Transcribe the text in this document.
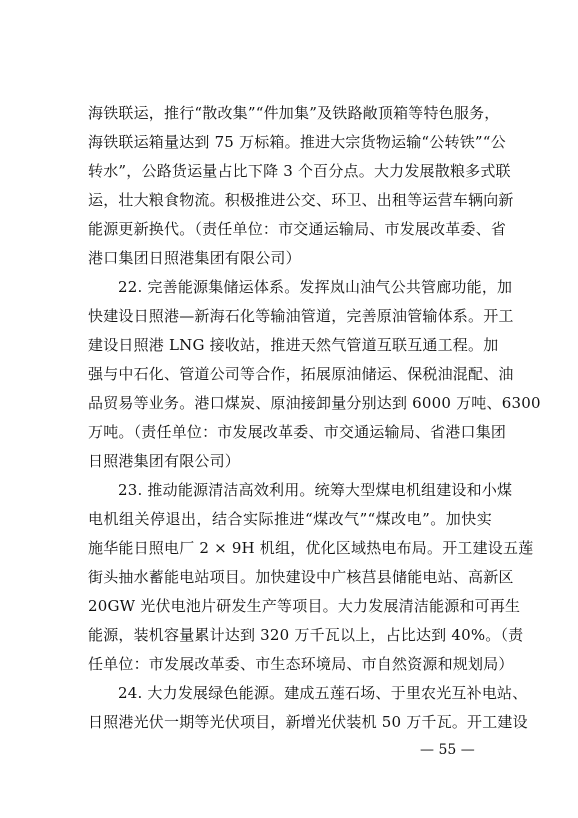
海铁联运，推行“散改集”“件加集”及铁路敞顶箱等特色服务，
海铁联运箱量达到 75 万标箱。推进大宗货物运输“公转铁”“公
转水”，公路货运量占比下降 3 个百分点。大力发展散粮多式联
运，壮大粮食物流。积极推进公交、环卫、出租等运营车辆向新
能源更新换代。（责任单位：市交通运输局、市发展改革委、省
港口集团日照港集团有限公司）
22. 完善能源集储运体系。发挥岚山油气公共管廊功能，加
快建设日照港—新海石化等输油管道，完善原油管输体系。开工
建设日照港 LNG 接收站，推进天然气管道互联互通工程。加
强与中石化、管道公司等合作，拓展原油储运、保税油混配、油
品贸易等业务。港口煤炭、原油接卸量分别达到 6000 万吨、6300
万吨。（责任单位：市发展改革委、市交通运输局、省港口集团
日照港集团有限公司）
23. 推动能源清洁高效利用。统筹大型煤电机组建设和小煤
电机组关停退出，结合实际推进“煤改气”“煤改电”。加快实
施华能日照电厂 2 × 9H 机组，优化区域热电布局。开工建设五莲
街头抽水蓄能电站项目。加快建设中广核莒县储能电站、高新区
20GW 光伏电池片研发生产等项目。大力发展清洁能源和可再生
能源，装机容量累计达到 320 万千瓦以上，占比达到 40%。（责
任单位：市发展改革委、市生态环境局、市自然资源和规划局）
24. 大力发展绿色能源。建成五莲石场、于里农光互补电站、
日照港光伏一期等光伏项目，新增光伏装机 50 万千瓦。开工建设
— 55 —
